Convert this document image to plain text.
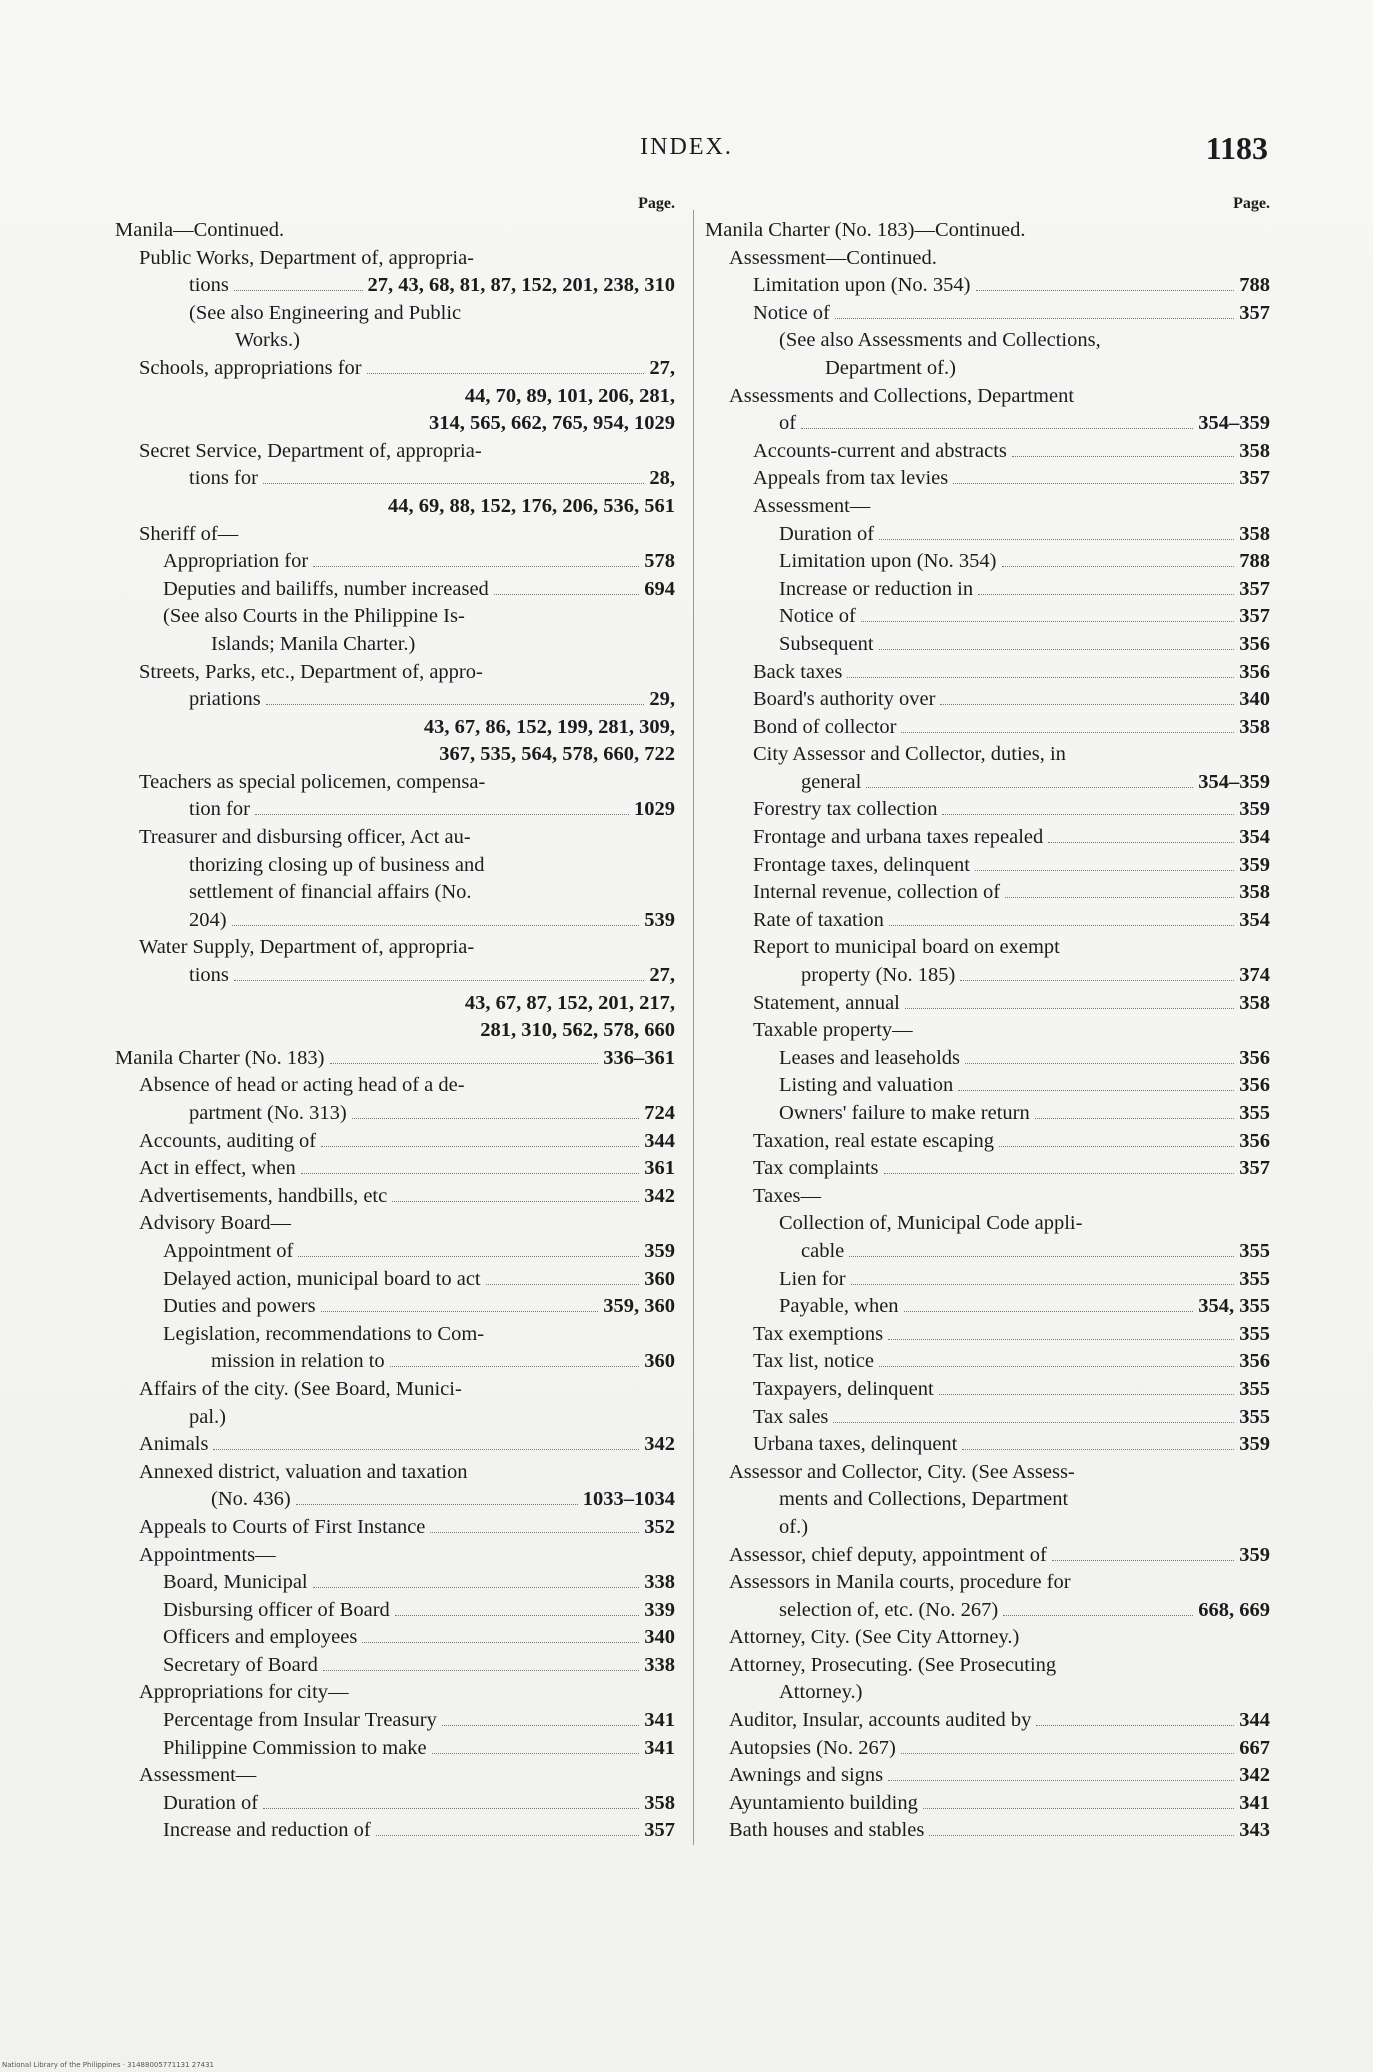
INDEX.	1183
Page.
Manila—Continued.
Public Works, Department of, appropria-
tions	27, 43, 68, 81, 87, 152, 201, 238, 310
(See also Engineering and Public
Works.)
Schools, appropriations for	27,
44, 70, 89, 101, 206, 281,
314, 565, 662, 765, 954, 1029
Secret Service, Department of, appropria-
tions for	28,
44, 69, 88, 152, 176, 206, 536, 561
Sheriff of—
Appropriation for	578
Deputies and bailiffs, number increased	694
(See also Courts in the Philippine Is-
Islands; Manila Charter.)
Streets, Parks, etc., Department of, appro-
priations	29,
43, 67, 86, 152, 199, 281, 309,
367, 535, 564, 578, 660, 722
Teachers as special policemen, compensa-
tion for	1029
Treasurer and disbursing officer, Act au-
thorizing closing up of business and
settlement of financial affairs (No.
204)	539
Water Supply, Department of, appropria-
tions	27,
43, 67, 87, 152, 201, 217,
281, 310, 562, 578, 660
Manila Charter (No. 183)	336–361
Absence of head or acting head of a de-
partment (No. 313)	724
Accounts, auditing of	344
Act in effect, when	361
Advertisements, handbills, etc	342
Advisory Board—
Appointment of	359
Delayed action, municipal board to act	360
Duties and powers	359, 360
Legislation, recommendations to Com-
mission in relation to	360
Affairs of the city. (See Board, Munici-
pal.)
Animals	342
Annexed district, valuation and taxation
(No. 436)	1033–1034
Appeals to Courts of First Instance	352
Appointments—
Board, Municipal	338
Disbursing officer of Board	339
Officers and employees	340
Secretary of Board	338
Appropriations for city—
Percentage from Insular Treasury	341
Philippine Commission to make	341
Assessment—
Duration of	358
Increase and reduction of	357
Page.
Manila Charter (No. 183)—Continued.
Assessment—Continued.
Limitation upon (No. 354)	788
Notice of	357
(See also Assessments and Collections,
Department of.)
Assessments and Collections, Department
of	354–359
Accounts-current and abstracts	358
Appeals from tax levies	357
Assessment—
Duration of	358
Limitation upon (No. 354)	788
Increase or reduction in	357
Notice of	357
Subsequent	356
Back taxes	356
Board's authority over	340
Bond of collector	358
City Assessor and Collector, duties, in
general	354–359
Forestry tax collection	359
Frontage and urbana taxes repealed	354
Frontage taxes, delinquent	359
Internal revenue, collection of	358
Rate of taxation	354
Report to municipal board on exempt
property (No. 185)	374
Statement, annual	358
Taxable property—
Leases and leaseholds	356
Listing and valuation	356
Owners' failure to make return	355
Taxation, real estate escaping	356
Tax complaints	357
Taxes—
Collection of, Municipal Code appli-
cable	355
Lien for	355
Payable, when	354, 355
Tax exemptions	355
Tax list, notice	356
Taxpayers, delinquent	355
Tax sales	355
Urbana taxes, delinquent	359
Assessor and Collector, City. (See Assess-
ments and Collections, Department
of.)
Assessor, chief deputy, appointment of	359
Assessors in Manila courts, procedure for
selection of, etc. (No. 267)	668, 669
Attorney, City. (See City Attorney.)
Attorney, Prosecuting. (See Prosecuting
Attorney.)
Auditor, Insular, accounts audited by	344
Autopsies (No. 267)	667
Awnings and signs	342
Ayuntamiento building	341
Bath houses and stables	343
National Library of the Philippines · 31488005771131 27431
